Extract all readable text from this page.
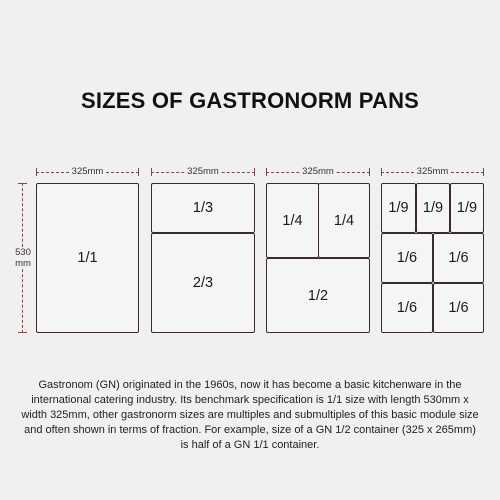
SIZES OF GASTRONORM PANS
325mm	325mm	325mm	325mm
530 mm	1/1
1/3
2/3
1/4 1/4
1/2
1/9 1/9 1/9
1/6 1/6
1/6 1/6
Gastronom (GN) originated in the 1960s, now it has become a basic kitchenware in the international catering industry. Its benchmark specification is 1/1 size with length 530mm x width 325mm, other gastronorm sizes are multiples and submultiples of this basic module size and often shown in terms of fraction. For example, size of a GN 1/2 container (325 x 265mm) is half of a GN 1/1 container.
